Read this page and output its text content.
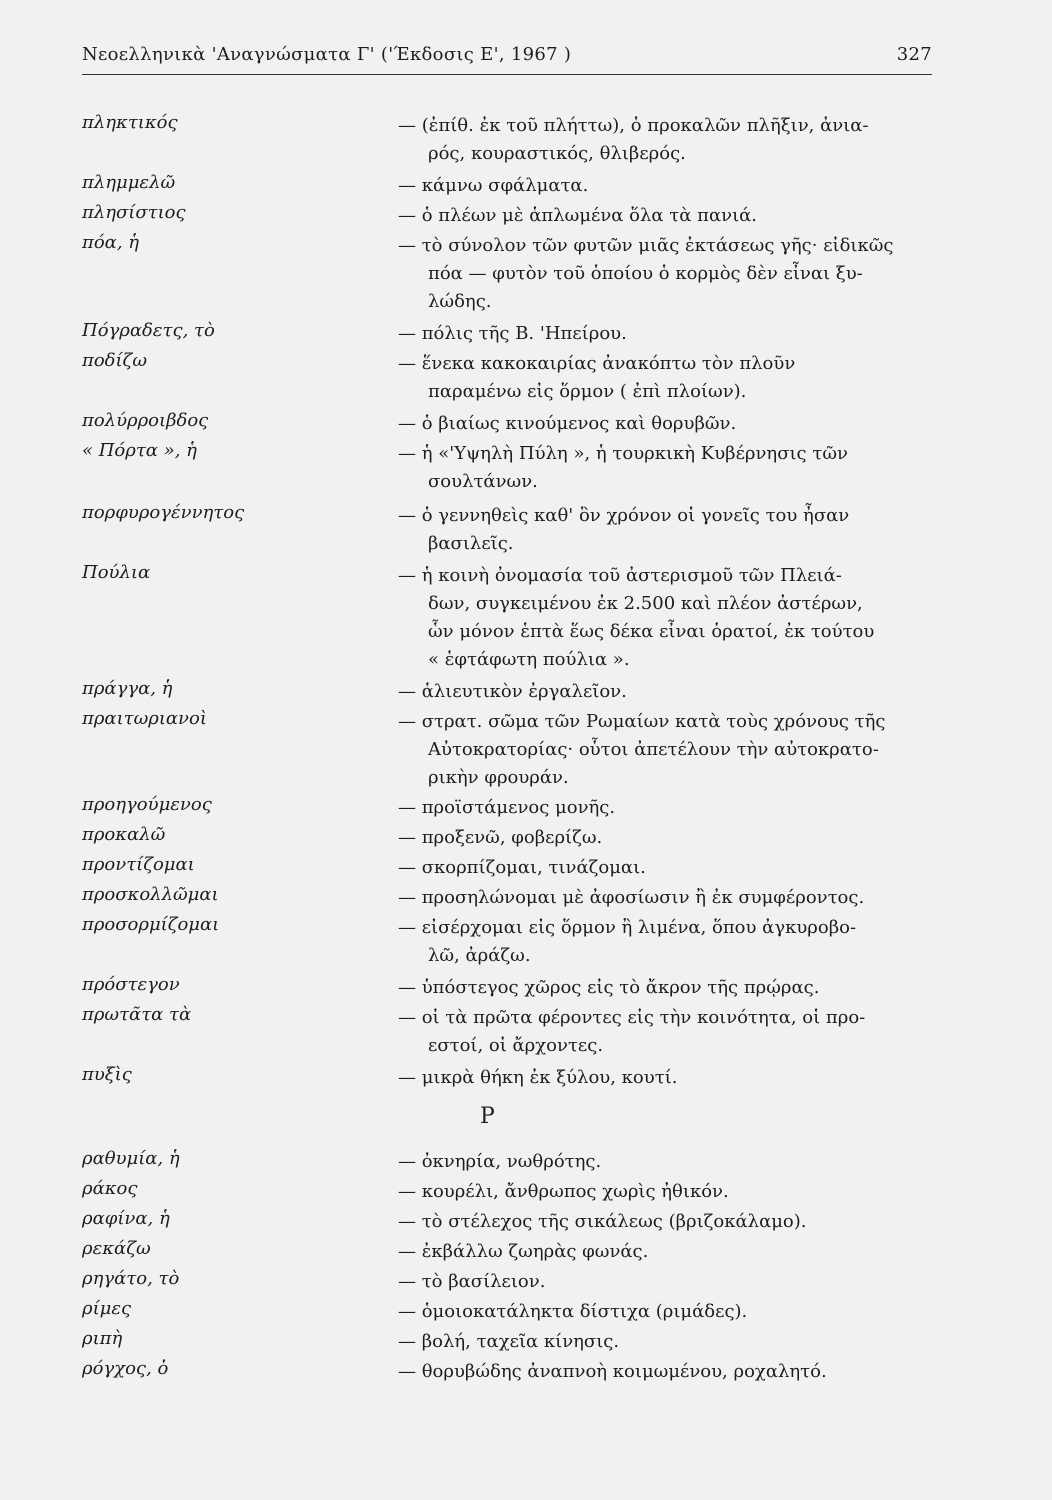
Νεοελληνικὰ 'Αναγνώσματα Γ' ('Έκδοσις Ε', 1967 )	327
πληκτικός	— (ἐπίθ. ἐκ τοῦ πλήττω), ὁ προκαλῶν πλῆξιν, ἀνια-
ρός, κουραστικός, θλιβερός.
πλημμελῶ	— κάμνω σφάλματα.
πλησίστιος	— ὁ πλέων μὲ ἁπλωμένα ὅλα τὰ πανιά.
πόα, ἡ	— τὸ σύνολον τῶν φυτῶν μιᾶς ἐκτάσεως γῆς· εἰδικῶς
πόα — φυτὸν τοῦ ὁποίου ὁ κορμὸς δὲν εἶναι ξυ-
λώδης.
Πόγραδετς, τὸ	— πόλις τῆς Β. 'Ηπείρου.
ποδίζω	— ἕνεκα κακοκαιρίας ἀνακόπτω τὸν πλοῦν
παραμένω εἰς ὅρμον ( ἐπὶ πλοίων).
πολύρροιβδος	— ὁ βιαίως κινούμενος καὶ θορυβῶν.
« Πόρτα », ἡ	— ἡ «'Υψηλὴ Πύλη », ἡ τουρκικὴ Κυβέρνησις τῶν
σουλτάνων.
πορφυρογέννητος	— ὁ γεννηθεὶς καθ' ὃν χρόνον οἱ γονεῖς του ἦσαν
βασιλεῖς.
Πούλια	— ἡ κοινὴ ὀνομασία τοῦ ἀστερισμοῦ τῶν Πλειά-
δων, συγκειμένου ἐκ 2.500 καὶ πλέον ἀστέρων,
ὧν μόνον ἑπτὰ ἕως δέκα εἶναι ὁρατοί, ἐκ τούτου
« ἑφτάφωτη πούλια ».
πράγγα, ἡ	— ἁλιευτικὸν ἐργαλεῖον.
πραιτωριανοὶ	— στρατ. σῶμα τῶν Ρωμαίων κατὰ τοὺς χρόνους τῆς
Αὐτοκρατορίας· οὗτοι ἀπετέλουν τὴν αὐτοκρατο-
ρικὴν φρουράν.
προηγούμενος	— προϊστάμενος μονῆς.
προκαλῶ	— προξενῶ, φοβερίζω.
προντίζομαι	— σκορπίζομαι, τινάζομαι.
προσκολλῶμαι	— προσηλώνομαι μὲ ἀφοσίωσιν ἢ ἐκ συμφέροντος.
προσορμίζομαι	— εἰσέρχομαι εἰς ὅρμον ἢ λιμένα, ὅπου ἀγκυροβο-
λῶ, ἀράζω.
πρόστεγον	— ὑπόστεγος χῶρος εἰς τὸ ἄκρον τῆς πρῴρας.
πρωτᾶτα τὰ	— οἱ τὰ πρῶτα φέροντες εἰς τὴν κοινότητα, οἱ προ-
εστοί, οἱ ἄρχοντες.
πυξὶς	— μικρὰ θήκη ἐκ ξύλου, κουτί.
Ρ
ραθυμία, ἡ	— ὀκνηρία, νωθρότης.
ράκος	— κουρέλι, ἄνθρωπος χωρὶς ἠθικόν.
ραφίνα, ἡ	— τὸ στέλεχος τῆς σικάλεως (βριζοκάλαμο).
ρεκάζω	— ἐκβάλλω ζωηρὰς φωνάς.
ρηγάτο, τὸ	— τὸ βασίλειον.
ρίμες	— ὁμοιοκατάληκτα δίστιχα (ριμάδες).
ριπὴ	— βολή, ταχεῖα κίνησις.
ρόγχος, ὁ	— θορυβώδης ἀναπνοὴ κοιμωμένου, ροχαλητό.
